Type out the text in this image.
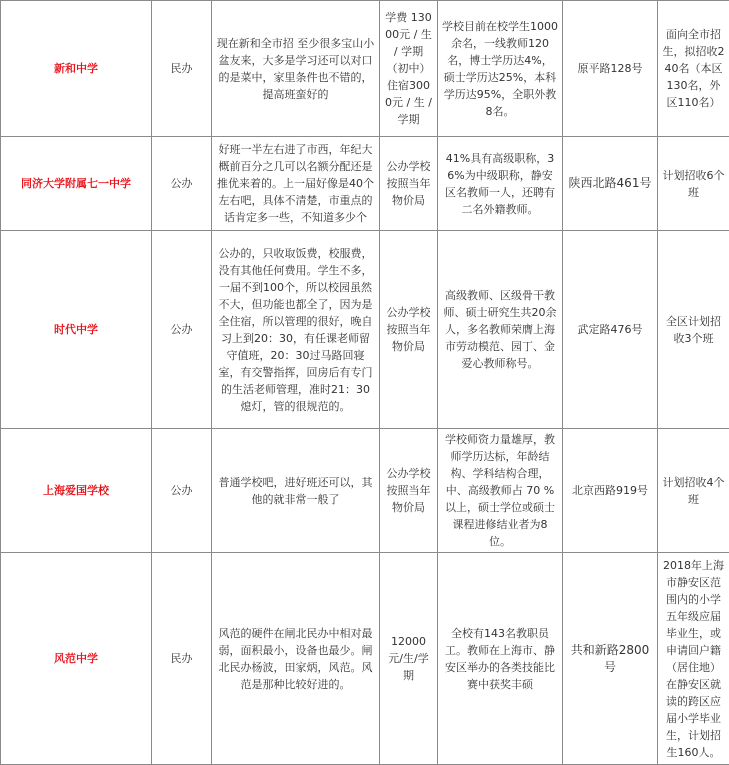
新和中学	民办	现在新和全市招 至少很多宝山小盆友来，大多是学习还可以对口的是菜中，家里条件也不错的，提高班蛮好的	学费 13000元 / 生 / 学期（初中） 住宿3000元 / 生 / 学期	学校目前在校学生1000余名，一线教师120名，博士学历达4%，硕士学历达25%，本科学历达95%，全职外教8名。	原平路128号	面向全市招生，拟招收240名（本区130名，外区110名）
同济大学附属七一中学	公办	好班一半左右进了市西，年纪大概前百分之几可以名额分配还是推优来着的。上一届好像是40个左右吧，具体不清楚，市重点的话肯定多一些，不知道多少个	公办学校按照当年物价局	41%具有高级职称，36%为中级职称，静安区名教师一人，还聘有二名外籍教师。	陕西北路461号	计划招收6个班
时代中学	公办	公办的，只收取饭费，校服费，没有其他任何费用。学生不多，一届不到100个，所以校园虽然不大，但功能也都全了，因为是全住宿，所以管理的很好，晚自习上到20：30，有任课老师留守值班，20：30过马路回寝室，有交警指挥，回房后有专门的生活老师管理，准时21：30熄灯，管的很规范的。	公办学校按照当年物价局	高级教师、区级骨干教师、硕士研究生共20余人，多名教师荣膺上海市劳动模范、园丁、金爱心教师称号。	武定路476号	全区计划招收3个班
上海爱国学校	公办	普通学校吧，进好班还可以，其他的就非常一般了	公办学校按照当年物价局	学校师资力量雄厚，教师学历达标，年龄结构、学科结构合理，中、高级教师占 70 %以上，硕士学位或硕士课程进修结业者为8位。	北京西路919号	计划招收4个班
风范中学	民办	风范的硬件在闸北民办中相对最弱，面积最小，设备也最少。闸北民办杨波，田家炳，风范。风范是那种比较好进的。	12000元/生/学期	全校有143名教职员工。教师在上海市、静安区举办的各类技能比赛中获奖丰硕	共和新路2800号	2018年上海市静安区范围内的小学五年级应届毕业生，或申请回户籍（居住地）在静安区就读的跨区应届小学毕业生，计划招生160人。
